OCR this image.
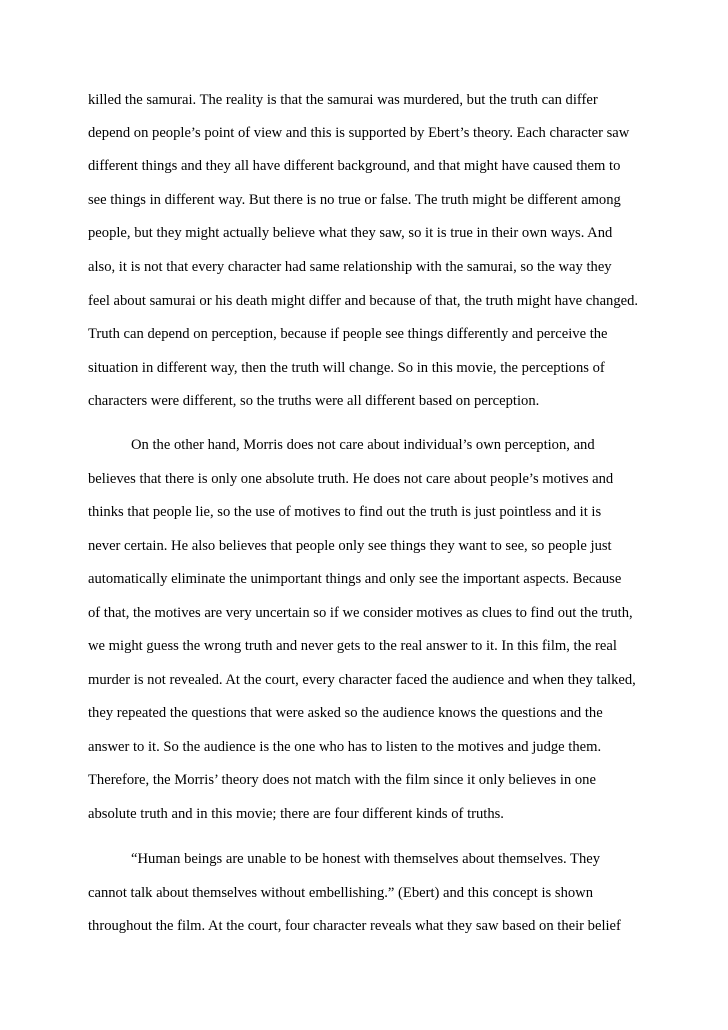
killed the samurai. The reality is that the samurai was murdered, but the truth can differ
depend on people’s point of view and this is supported by Ebert’s theory. Each character saw
different things and they all have different background, and that might have caused them to
see things in different way. But there is no true or false. The truth might be different among
people, but they might actually believe what they saw, so it is true in their own ways. And
also, it is not that every character had same relationship with the samurai, so the way they
feel about samurai or his death might differ and because of that, the truth might have changed.
Truth can depend on perception, because if people see things differently and perceive the
situation in different way, then the truth will change. So in this movie, the perceptions of
characters were different, so the truths were all different based on perception.
On the other hand, Morris does not care about individual’s own perception, and
believes that there is only one absolute truth. He does not care about people’s motives and
thinks that people lie, so the use of motives to find out the truth is just pointless and it is
never certain. He also believes that people only see things they want to see, so people just
automatically eliminate the unimportant things and only see the important aspects. Because
of that, the motives are very uncertain so if we consider motives as clues to find out the truth,
we might guess the wrong truth and never gets to the real answer to it. In this film, the real
murder is not revealed. At the court, every character faced the audience and when they talked,
they repeated the questions that were asked so the audience knows the questions and the
answer to it. So the audience is the one who has to listen to the motives and judge them.
Therefore, the Morris’ theory does not match with the film since it only believes in one
absolute truth and in this movie; there are four different kinds of truths.
“Human beings are unable to be honest with themselves about themselves. They
cannot talk about themselves without embellishing.” (Ebert) and this concept is shown
throughout the film. At the court, four character reveals what they saw based on their belief
